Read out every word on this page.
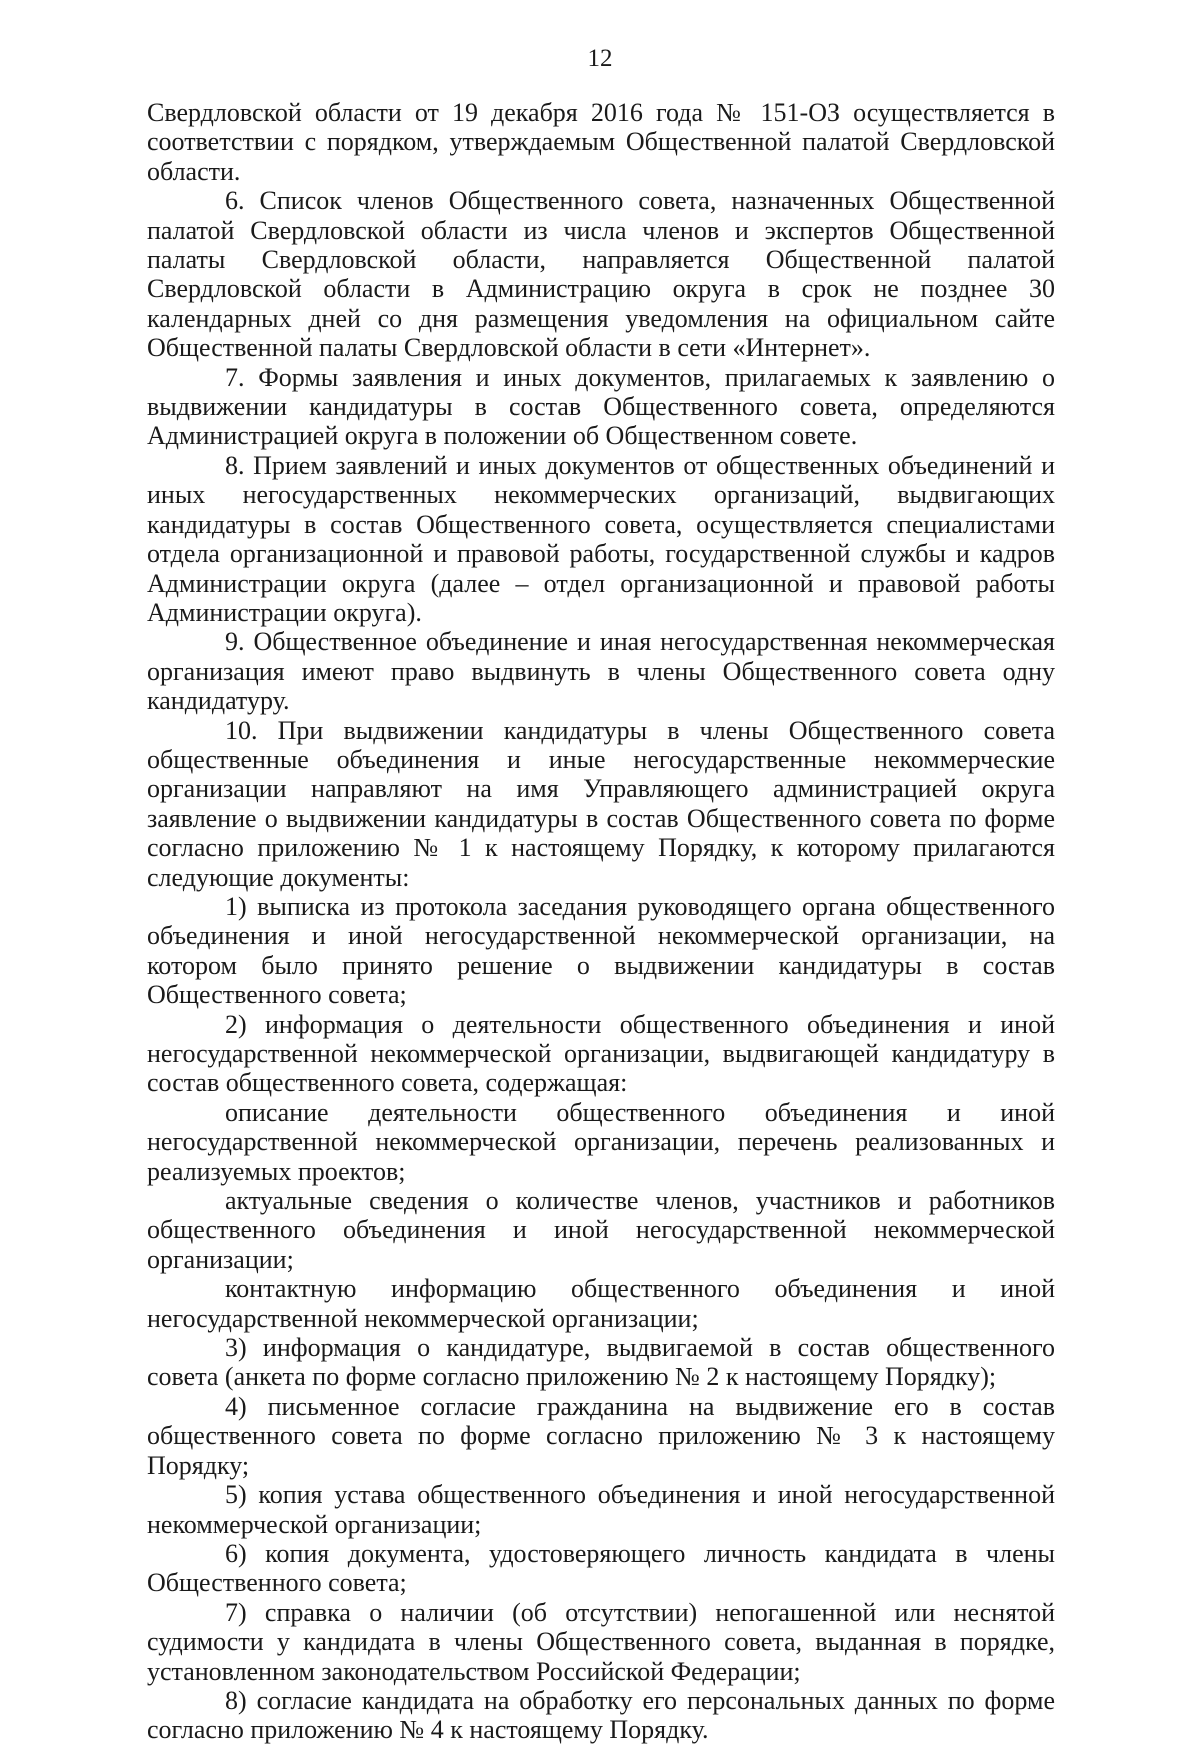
12

Свердловской области от 19 декабря 2016 года № 151-ОЗ осуществляется в соответствии с порядком, утверждаемым Общественной палатой Свердловской области.

6. Список членов Общественного совета, назначенных Общественной палатой Свердловской области из числа членов и экспертов Общественной палаты Свердловской области, направляется Общественной палатой Свердловской области в Администрацию округа в срок не позднее 30 календарных дней со дня размещения уведомления на официальном сайте Общественной палаты Свердловской области в сети «Интернет».

7. Формы заявления и иных документов, прилагаемых к заявлению о выдвижении кандидатуры в состав Общественного совета, определяются Администрацией округа в положении об Общественном совете.

8. Прием заявлений и иных документов от общественных объединений и иных негосударственных некоммерческих организаций, выдвигающих кандидатуры в состав Общественного совета, осуществляется специалистами отдела организационной и правовой работы, государственной службы и кадров Администрации округа (далее – отдел организационной и правовой работы Администрации округа).

9. Общественное объединение и иная негосударственная некоммерческая организация имеют право выдвинуть в члены Общественного совета одну кандидатуру.

10. При выдвижении кандидатуры в члены Общественного совета общественные объединения и иные негосударственные некоммерческие организации направляют на имя Управляющего администрацией округа заявление о выдвижении кандидатуры в состав Общественного совета по форме согласно приложению № 1 к настоящему Порядку, к которому прилагаются следующие документы:

1) выписка из протокола заседания руководящего органа общественного объединения и иной негосударственной некоммерческой организации, на котором было принято решение о выдвижении кандидатуры в состав Общественного совета;

2) информация о деятельности общественного объединения и иной негосударственной некоммерческой организации, выдвигающей кандидатуру в состав общественного совета, содержащая:

описание деятельности общественного объединения и иной негосударственной некоммерческой организации, перечень реализованных и реализуемых проектов;

актуальные сведения о количестве членов, участников и работников общественного объединения и иной негосударственной некоммерческой организации;

контактную информацию общественного объединения и иной негосударственной некоммерческой организации;

3) информация о кандидатуре, выдвигаемой в состав общественного совета (анкета по форме согласно приложению № 2 к настоящему Порядку);

4) письменное согласие гражданина на выдвижение его в состав общественного совета по форме согласно приложению № 3 к настоящему Порядку;

5) копия устава общественного объединения и иной негосударственной некоммерческой организации;

6) копия документа, удостоверяющего личность кандидата в члены Общественного совета;

7) справка о наличии (об отсутствии) непогашенной или неснятой судимости у кандидата в члены Общественного совета, выданная в порядке, установленном законодательством Российской Федерации;

8) согласие кандидата на обработку его персональных данных по форме согласно приложению № 4 к настоящему Порядку.
